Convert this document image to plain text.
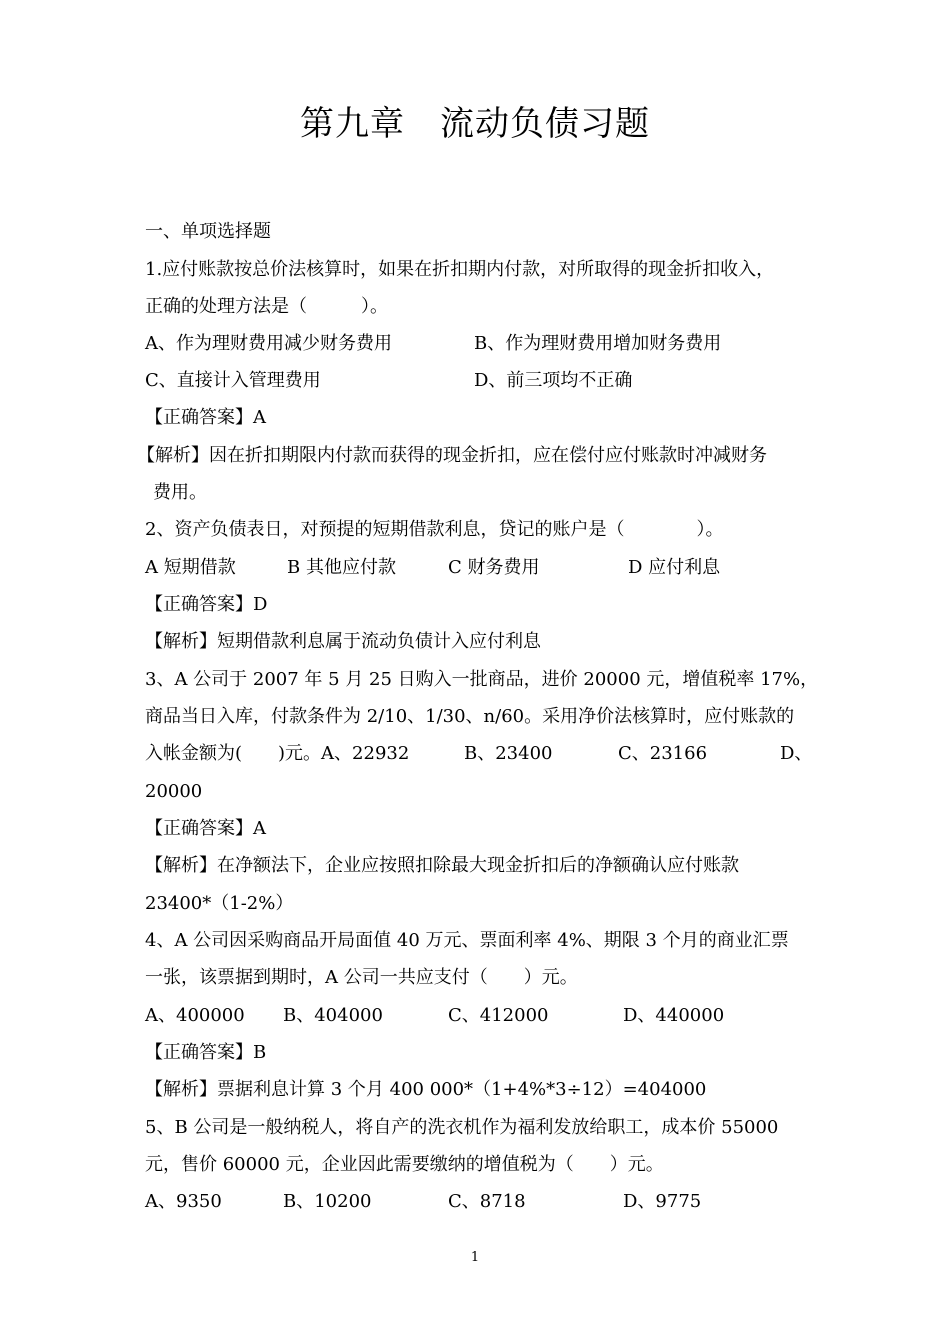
第九章　流动负债习题
一、单项选择题
1.应付账款按总价法核算时，如果在折扣期内付款，对所取得的现金折扣收入，
正确的处理方法是（　　　）。
A、作为理财费用减少财务费用	B、作为理财费用增加财务费用
C、直接计入管理费用	D、前三项均不正确
【正确答案】A
【解析】因在折扣期限内付款而获得的现金折扣，应在偿付应付账款时冲减财务
费用。
2、资产负债表日，对预提的短期借款利息，贷记的账户是（　　　　）。
A 短期借款	B 其他应付款	C 财务费用	D 应付利息
【正确答案】D
【解析】短期借款利息属于流动负债计入应付利息
3、A 公司于 2007 年 5 月 25 日购入一批商品，进价 20000 元，增值税率 17%，
商品当日入库，付款条件为 2/10、1/30、n/60。采用净价法核算时，应付账款的
入帐金额为(　　)元。A、22932	B、23400	C、23166	D、
20000
【正确答案】A
【解析】在净额法下，企业应按照扣除最大现金折扣后的净额确认应付账款
23400*（1-2%）
4、A 公司因采购商品开局面值 40 万元、票面利率 4%、期限 3 个月的商业汇票
一张，该票据到期时，A 公司一共应支付（　　）元。
A、400000 B、404000	C、412000	D、440000
【正确答案】B
【解析】票据利息计算 3 个月 400 000*（1+4%*3÷12）=404000
5、B 公司是一般纳税人，将自产的洗衣机作为福利发放给职工，成本价 55000
元，售价 60000 元，企业因此需要缴纳的增值税为（　　）元。
A、9350	B、10200	C、8718	D、9775
1
